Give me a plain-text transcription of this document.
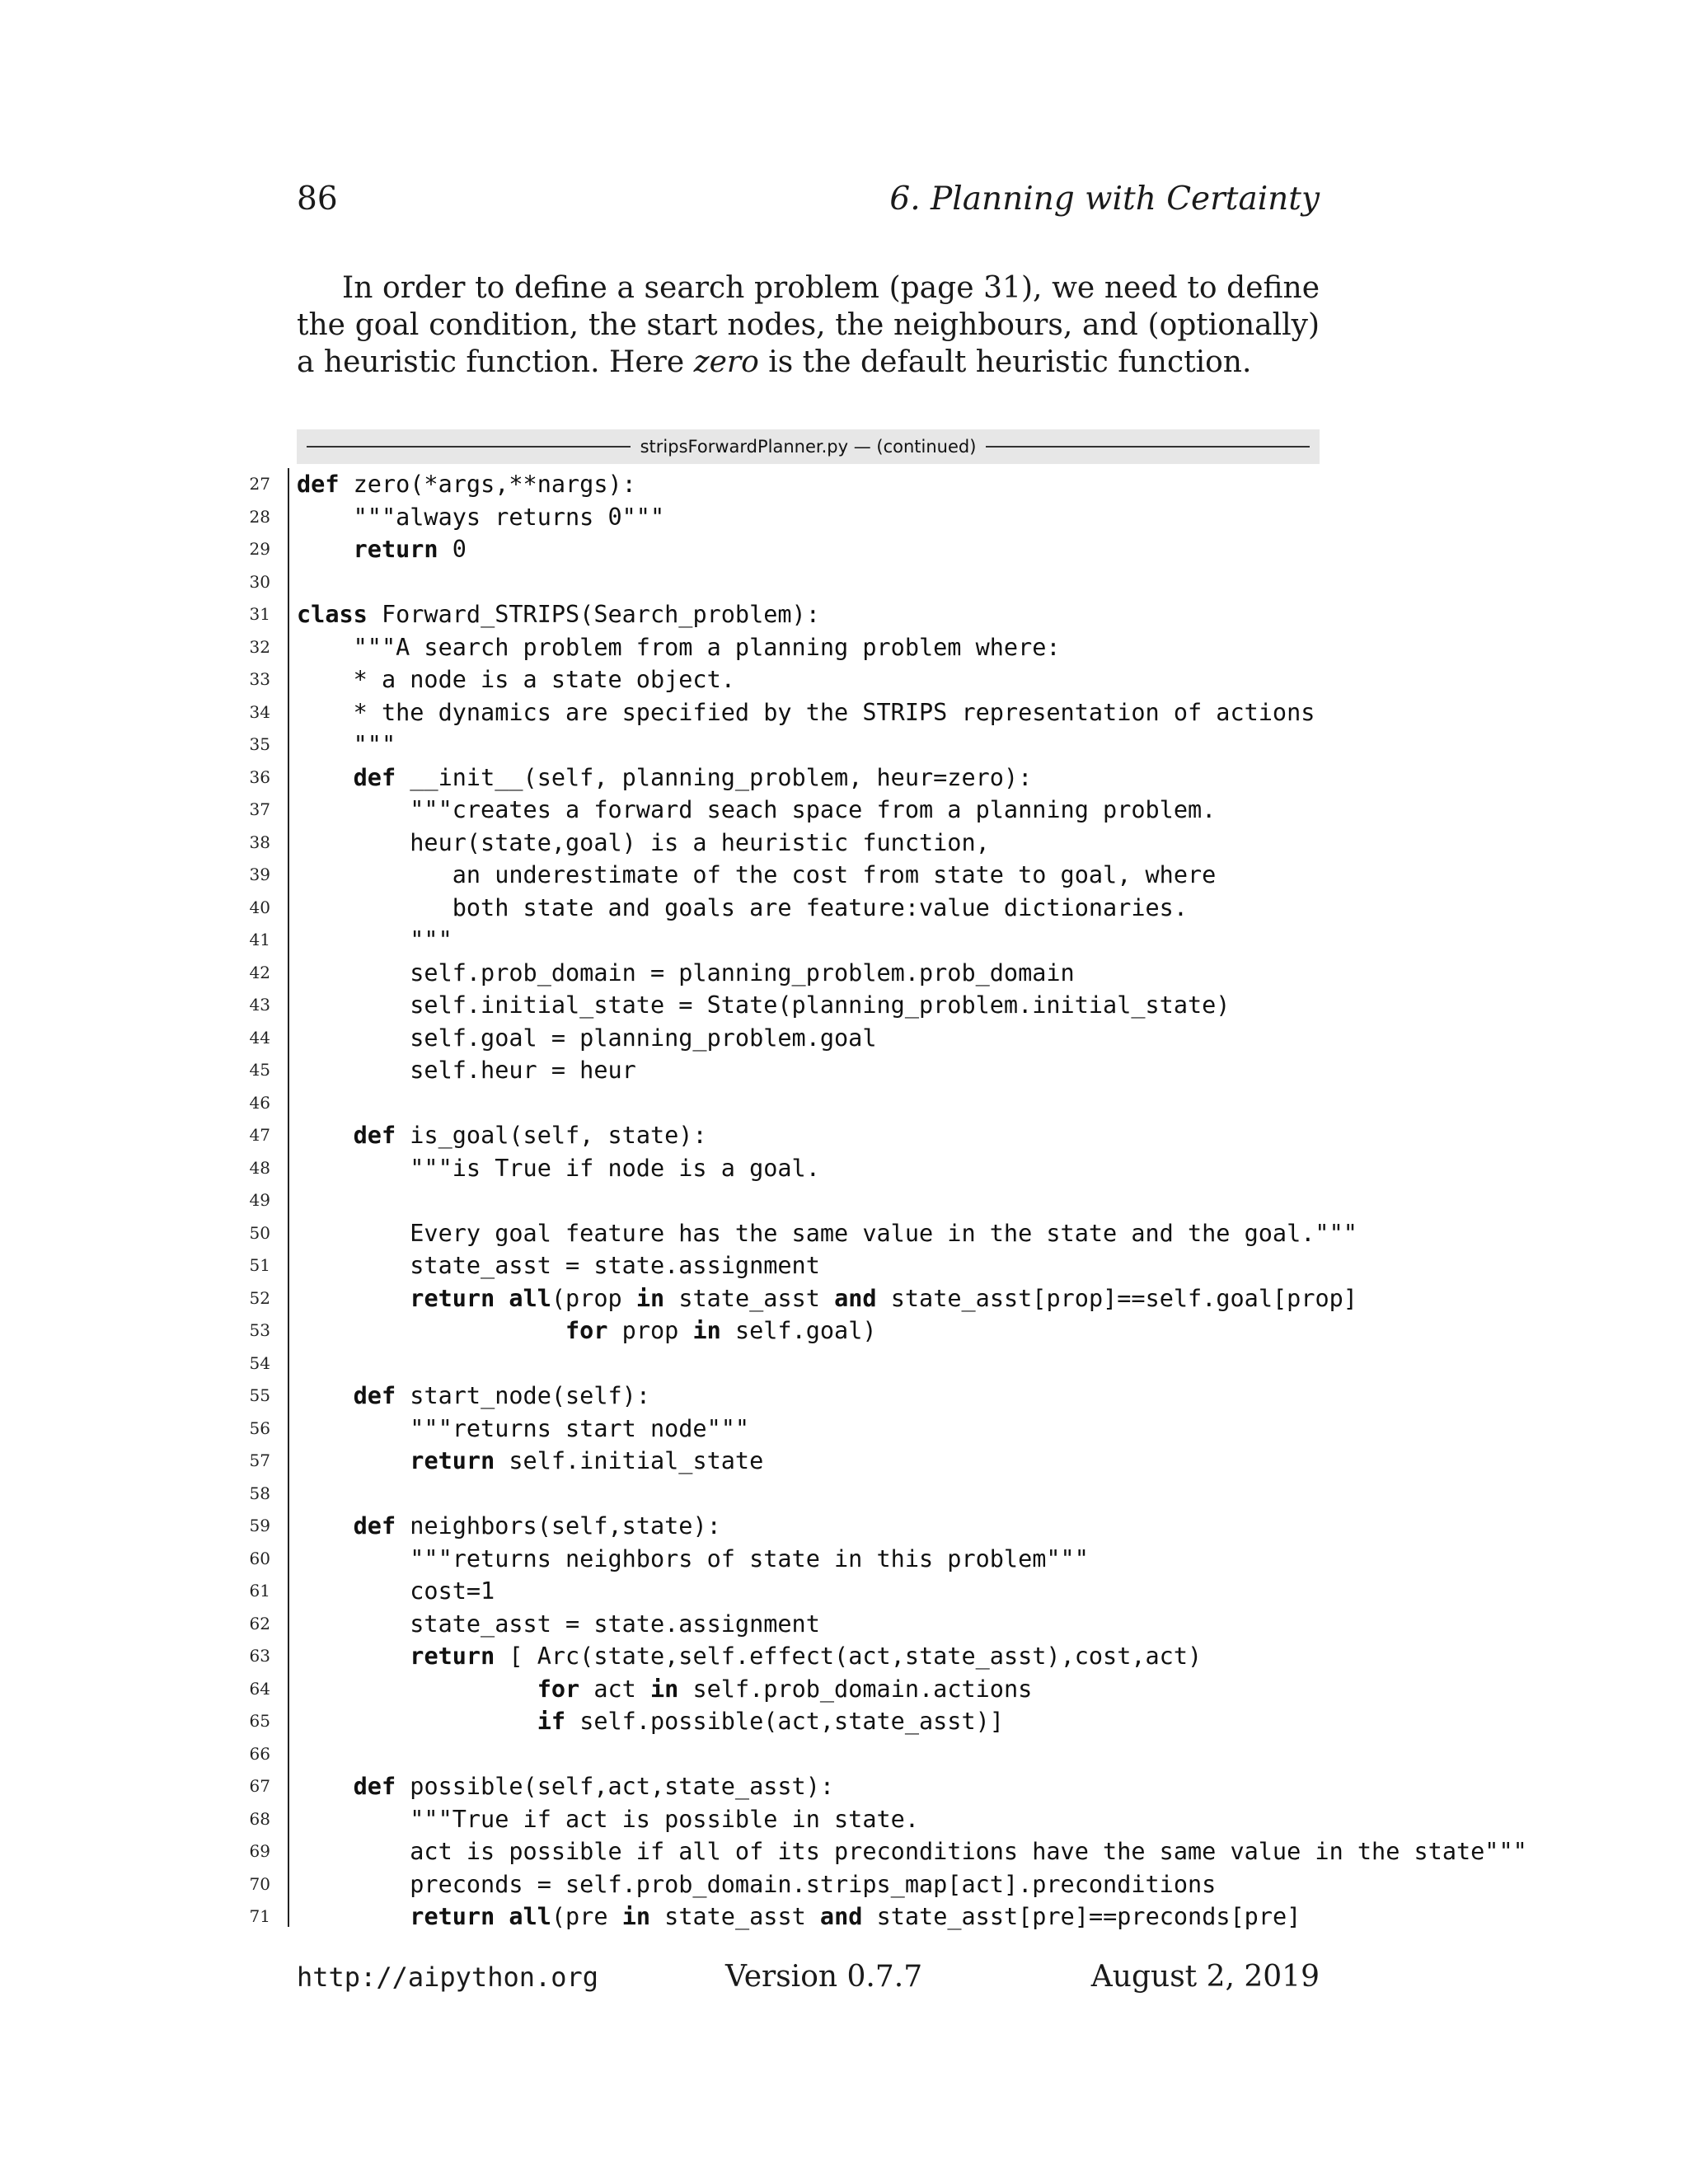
86	6. Planning with Certainty

In order to define a search problem (page 31), we need to define the goal condition, the start nodes, the neighbours, and (optionally) a heuristic function. Here zero is the default heuristic function.

stripsForwardPlanner.py — (continued)
27 def zero(*args,**nargs):
28 """always returns 0"""
29	return 0
30
31 class Forward_STRIPS(Search_problem):
32 """A search problem from a planning problem where:
33 * a node is a state object.
34 * the dynamics are specified by the STRIPS representation of actions
35 """
36	def __init__(self, planning_problem, heur=zero):
37 """creates a forward seach space from a planning problem.
38 heur(state,goal) is a heuristic function,
39 an underestimate of the cost from state to goal, where
40 both state and goals are feature:value dictionaries.
41 """
42 self.prob_domain = planning_problem.prob_domain
43 self.initial_state = State(planning_problem.initial_state)
44 self.goal = planning_problem.goal
45 self.heur = heur
46
47	def is_goal(self, state):
48 """is True if node is a goal.
49
50 Every goal feature has the same value in the state and the goal."""
51 state_asst = state.assignment
52	return all(prop in state_asst and state_asst[prop]==self.goal[prop]
53	for prop in self.goal)
54
55	def start_node(self):
56 """returns start node"""
57	return self.initial_state
58
59	def neighbors(self,state):
60 """returns neighbors of state in this problem"""
61 cost=1
62 state_asst = state.assignment
63	return [ Arc(state,self.effect(act,state_asst),cost,act)
64	for act in self.prob_domain.actions
65	if self.possible(act,state_asst)]
66
67	def possible(self,act,state_asst):
68 """True if act is possible in state.
69 act is possible if all of its preconditions have the same value in the state"""
70 preconds = self.prob_domain.strips_map[act].preconditions
71	return all(pre in state_asst and state_asst[pre]==preconds[pre]
http://aipython.org	Version 0.7.7	August 2, 2019
